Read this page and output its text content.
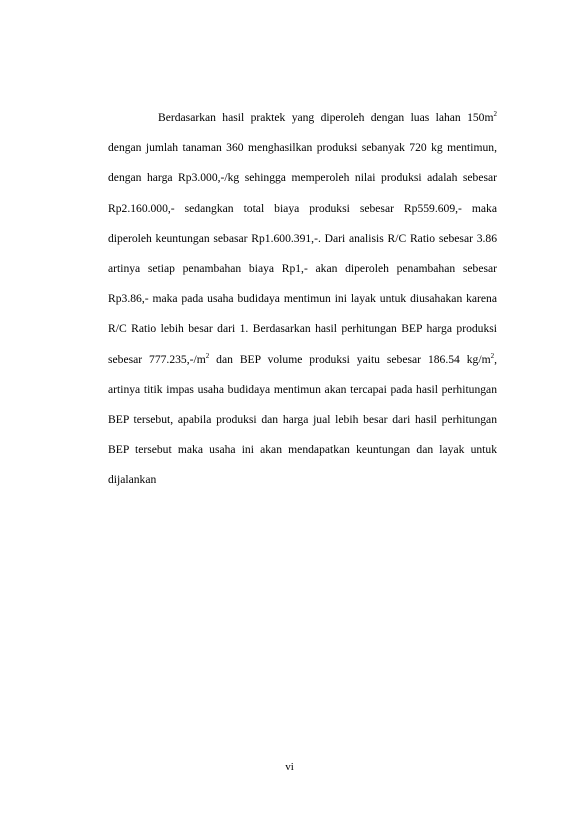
Berdasarkan hasil praktek yang diperoleh dengan luas lahan $150m^2$
dengan jumlah tanaman 360 menghasilkan produksi sebanyak 720 kg mentimun,
dengan harga Rp3.000,-/kg sehingga memperoleh nilai produksi adalah sebesar
Rp2.160.000,- sedangkan total biaya produksi sebesar Rp559.609,- maka
diperoleh keuntungan sebasar Rp1.600.391,-. Dari analisis R/C Ratio sebesar 3.86
artinya setiap penambahan biaya Rp1,- akan diperoleh penambahan sebesar
Rp3.86,- maka pada usaha budidaya mentimun ini layak untuk diusahakan karena
R/C Ratio lebih besar dari 1. Berdasarkan hasil perhitungan BEP harga produksi
sebesar $777.235,-/m^2$ dan BEP volume produksi yaitu sebesar 186.54 $kg/m^2$,
artinya titik impas usaha budidaya mentimun akan tercapai pada hasil perhitungan
BEP tersebut, apabila produksi dan harga jual lebih besar dari hasil perhitungan
BEP tersebut maka usaha ini akan mendapatkan keuntungan dan layak untuk
dijalankan
vi
